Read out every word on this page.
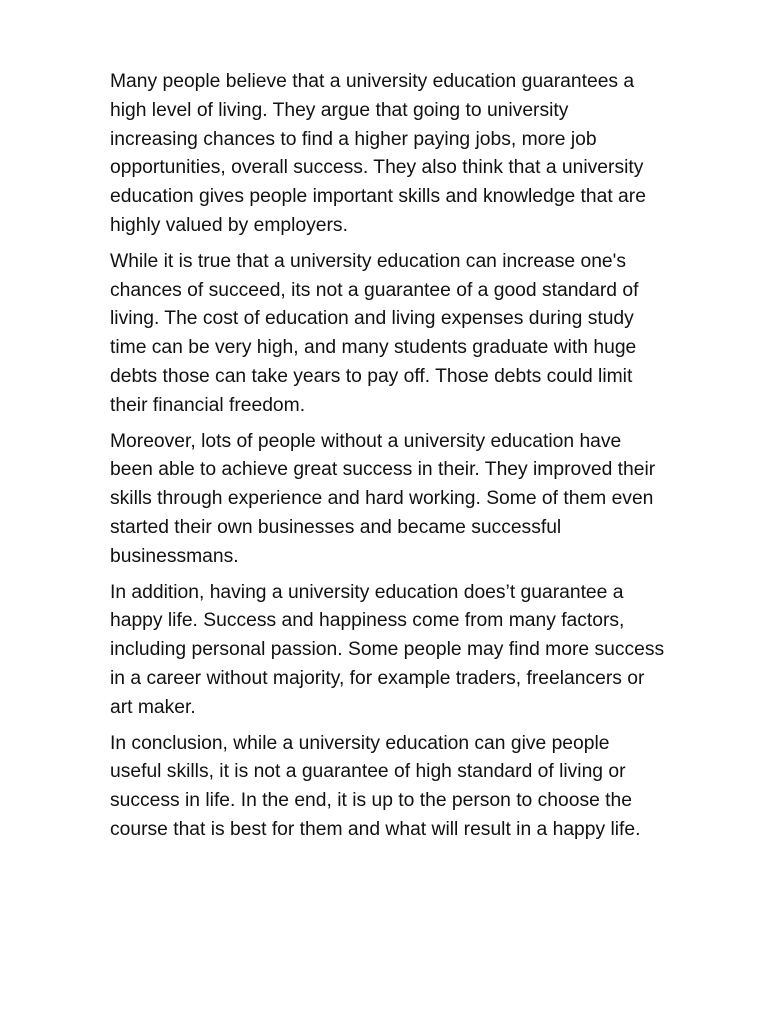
Many people believe that a university education guarantees a
high level of living. They argue that going to university
increasing chances to find a higher paying jobs, more job
opportunities, overall success. They also think that a university
education gives people important skills and knowledge that are
highly valued by employers.

While it is true that a university education can increase one's
chances of succeed, its not a guarantee of a good standard of
living. The cost of education and living expenses during study
time can be very high, and many students graduate with huge
debts those can take years to pay off. Those debts could limit
their financial freedom.

Moreover, lots of people without a university education have
been able to achieve great success in their. They improved their
skills through experience and hard working. Some of them even
started their own businesses and became successful
businessmans.

In addition, having a university education does’t guarantee a
happy life. Success and happiness come from many factors,
including personal passion. Some people may find more success
in a career without majority, for example traders, freelancers or
art maker.

In conclusion, while a university education can give people
useful skills, it is not a guarantee of high standard of living or
success in life. In the end, it is up to the person to choose the
course that is best for them and what will result in a happy life.
